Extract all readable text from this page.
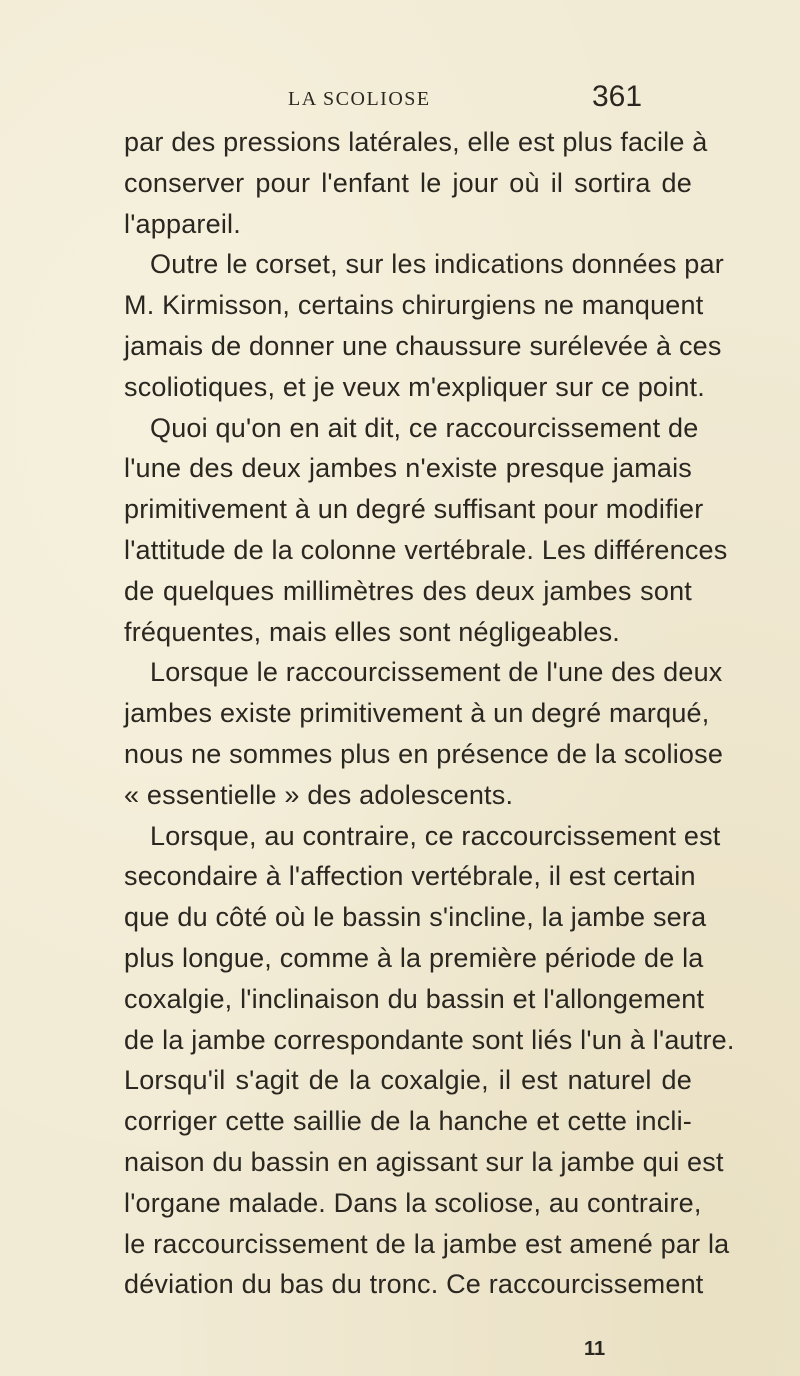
LA SCOLIOSE	361
par des pressions latérales, elle est plus facile à
conserver pour l'enfant le jour où il sortira de
l'appareil.
Outre le corset, sur les indications données par
M. Kirmisson, certains chirurgiens ne manquent
jamais de donner une chaussure surélevée à ces
scoliotiques, et je veux m'expliquer sur ce point.
Quoi qu'on en ait dit, ce raccourcissement de
l'une des deux jambes n'existe presque jamais
primitivement à un degré suffisant pour modifier
l'attitude de la colonne vertébrale. Les différences
de quelques millimètres des deux jambes sont
fréquentes, mais elles sont négligeables.
Lorsque le raccourcissement de l'une des deux
jambes existe primitivement à un degré marqué,
nous ne sommes plus en présence de la scoliose
« essentielle » des adolescents.
Lorsque, au contraire, ce raccourcissement est
secondaire à l'affection vertébrale, il est certain
que du côté où le bassin s'incline, la jambe sera
plus longue, comme à la première période de la
coxalgie, l'inclinaison du bassin et l'allongement
de la jambe correspondante sont liés l'un à l'autre.
Lorsqu'il s'agit de la coxalgie, il est naturel de
corriger cette saillie de la hanche et cette incli-
naison du bassin en agissant sur la jambe qui est
l'organe malade. Dans la scoliose, au contraire,
le raccourcissement de la jambe est amené par la
déviation du bas du tronc. Ce raccourcissement
11
